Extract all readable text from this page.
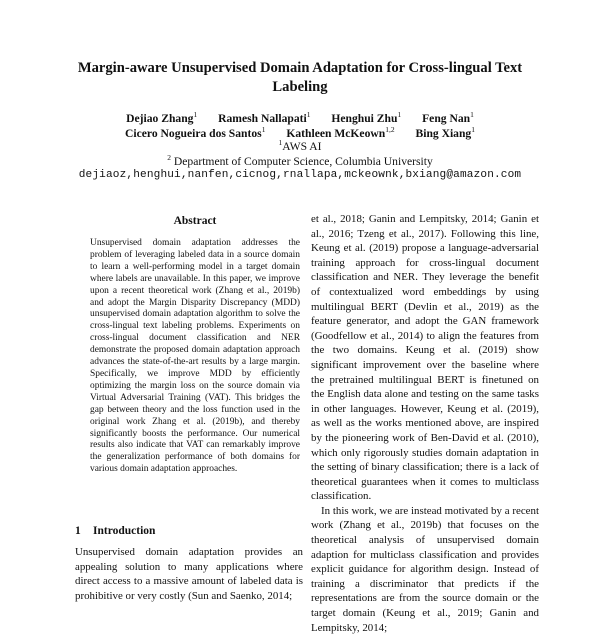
Margin-aware Unsupervised Domain Adaptation for Cross-lingual Text Labeling
Dejiao Zhang$^1$ Ramesh Nallapati$^1$ Henghui Zhu$^1$ Feng Nan$^1$
Cicero Nogueira dos Santos$^1$ Kathleen McKeown$^{1,2}$ Bing Xiang$^1$
$^1$AWS AI
$^2$ Department of Computer Science, Columbia University
dejiaoz,henghui,nanfen,cicnog,rnallapa,mckeownk,bxiang@amazon.com
Abstract
Unsupervised domain adaptation addresses the problem of leveraging labeled data in a source domain to learn a well-performing model in a target domain where labels are unavailable. In this paper, we improve upon a recent theoretical work (Zhang et al., 2019b) and adopt the Margin Disparity Discrepancy (MDD) unsupervised domain adaptation algorithm to solve the cross-lingual text labeling problems. Experiments on cross-lingual document classification and NER demonstrate the proposed domain adaptation approach advances the state-of-the-art results by a large margin. Specifically, we improve MDD by efficiently optimizing the margin loss on the source domain via Virtual Adversarial Training (VAT). This bridges the gap between theory and the loss function used in the original work Zhang et al. (2019b), and thereby significantly boosts the performance. Our numerical results also indicate that VAT can remarkably improve the generalization performance of both domains for various domain adaptation approaches.
1 Introduction
Unsupervised domain adaptation provides an appealing solution to many applications where direct access to a massive amount of labeled data is prohibitive or very costly (Sun and Saenko, 2014;

et al., 2018; Ganin and Lempitsky, 2014; Ganin et al., 2016; Tzeng et al., 2017). Following this line, Keung et al. (2019) propose a language-adversarial training approach for cross-lingual document classification and NER. They leverage the benefit of contextualized word embeddings by using multilingual BERT (Devlin et al., 2019) as the feature generator, and adopt the GAN framework (Goodfellow et al., 2014) to align the features from the two domains. Keung et al. (2019) show significant improvement over the baseline where the pretrained multilingual BERT is finetuned on the English data alone and testing on the same tasks in other languages. However, Keung et al. (2019), as well as the works mentioned above, are inspired by the pioneering work of Ben-David et al. (2010), which only rigorously studies domain adaptation in the setting of binary classification; there is a lack of theoretical guarantees when it comes to multiclass classification.

In this work, we are instead motivated by a recent work (Zhang et al., 2019b) that focuses on the theoretical analysis of unsupervised domain adaption for multiclass classification and provides explicit guidance for algorithm design. Instead of training a discriminator that predicts if the representations are from the source domain or the target domain (Keung et al., 2019; Ganin and Lempitsky, 2014;
